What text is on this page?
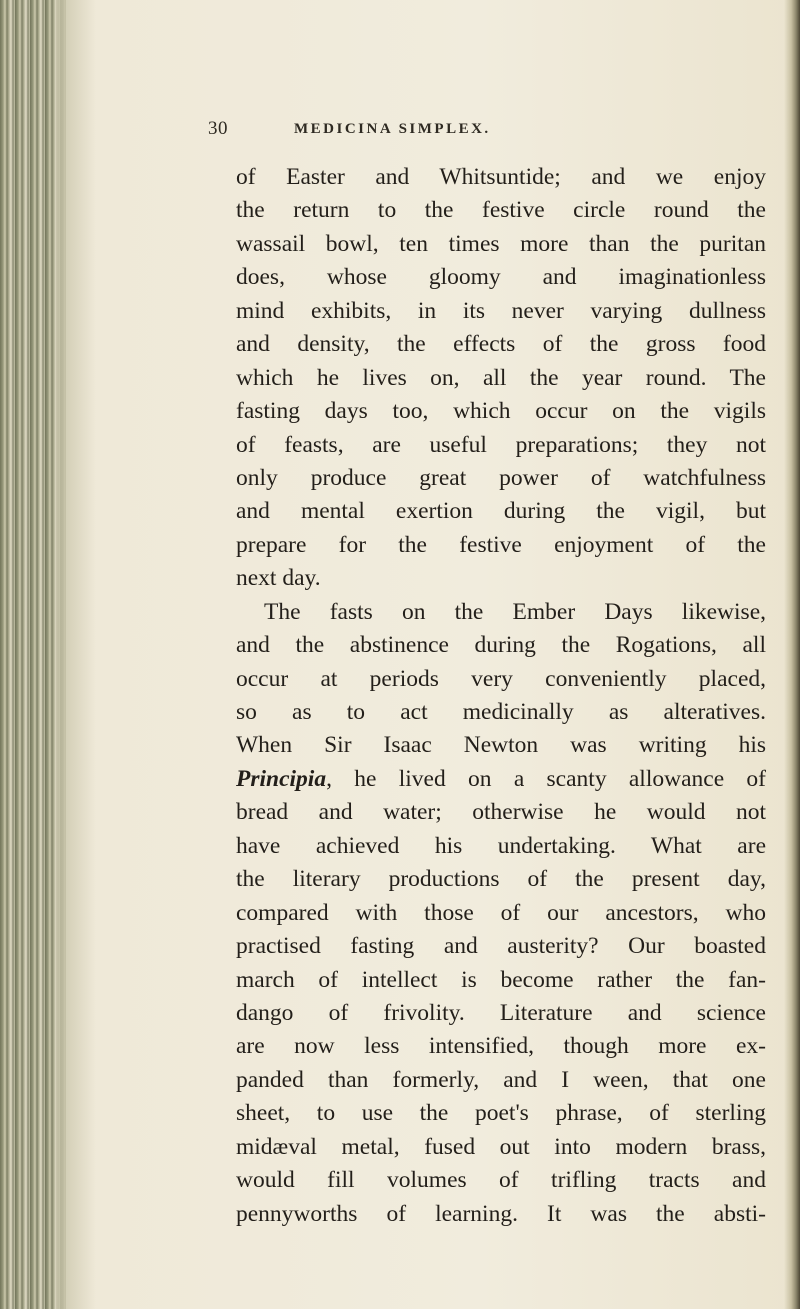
30	MEDICINA SIMPLEX.
of Easter and Whitsuntide; and we enjoy
the return to the festive circle round the
wassail bowl, ten times more than the puritan
does, whose gloomy and imaginationless
mind exhibits, in its never varying dullness
and density, the effects of the gross food
which he lives on, all the year round. The
fasting days too, which occur on the vigils
of feasts, are useful preparations; they not
only produce great power of watchfulness
and mental exertion during the vigil, but
prepare for the festive enjoyment of the
next day.
The fasts on the Ember Days likewise,
and the abstinence during the Rogations, all
occur at periods very conveniently placed,
so as to act medicinally as alteratives.
When Sir Isaac Newton was writing his
Principia, he lived on a scanty allowance of
bread and water; otherwise he would not
have achieved his undertaking. What are
the literary productions of the present day,
compared with those of our ancestors, who
practised fasting and austerity? Our boasted
march of intellect is become rather the fan-
dango of frivolity. Literature and science
are now less intensified, though more ex-
panded than formerly, and I ween, that one
sheet, to use the poet's phrase, of sterling
midæval metal, fused out into modern brass,
would fill volumes of trifling tracts and
pennyworths of learning. It was the absti-
